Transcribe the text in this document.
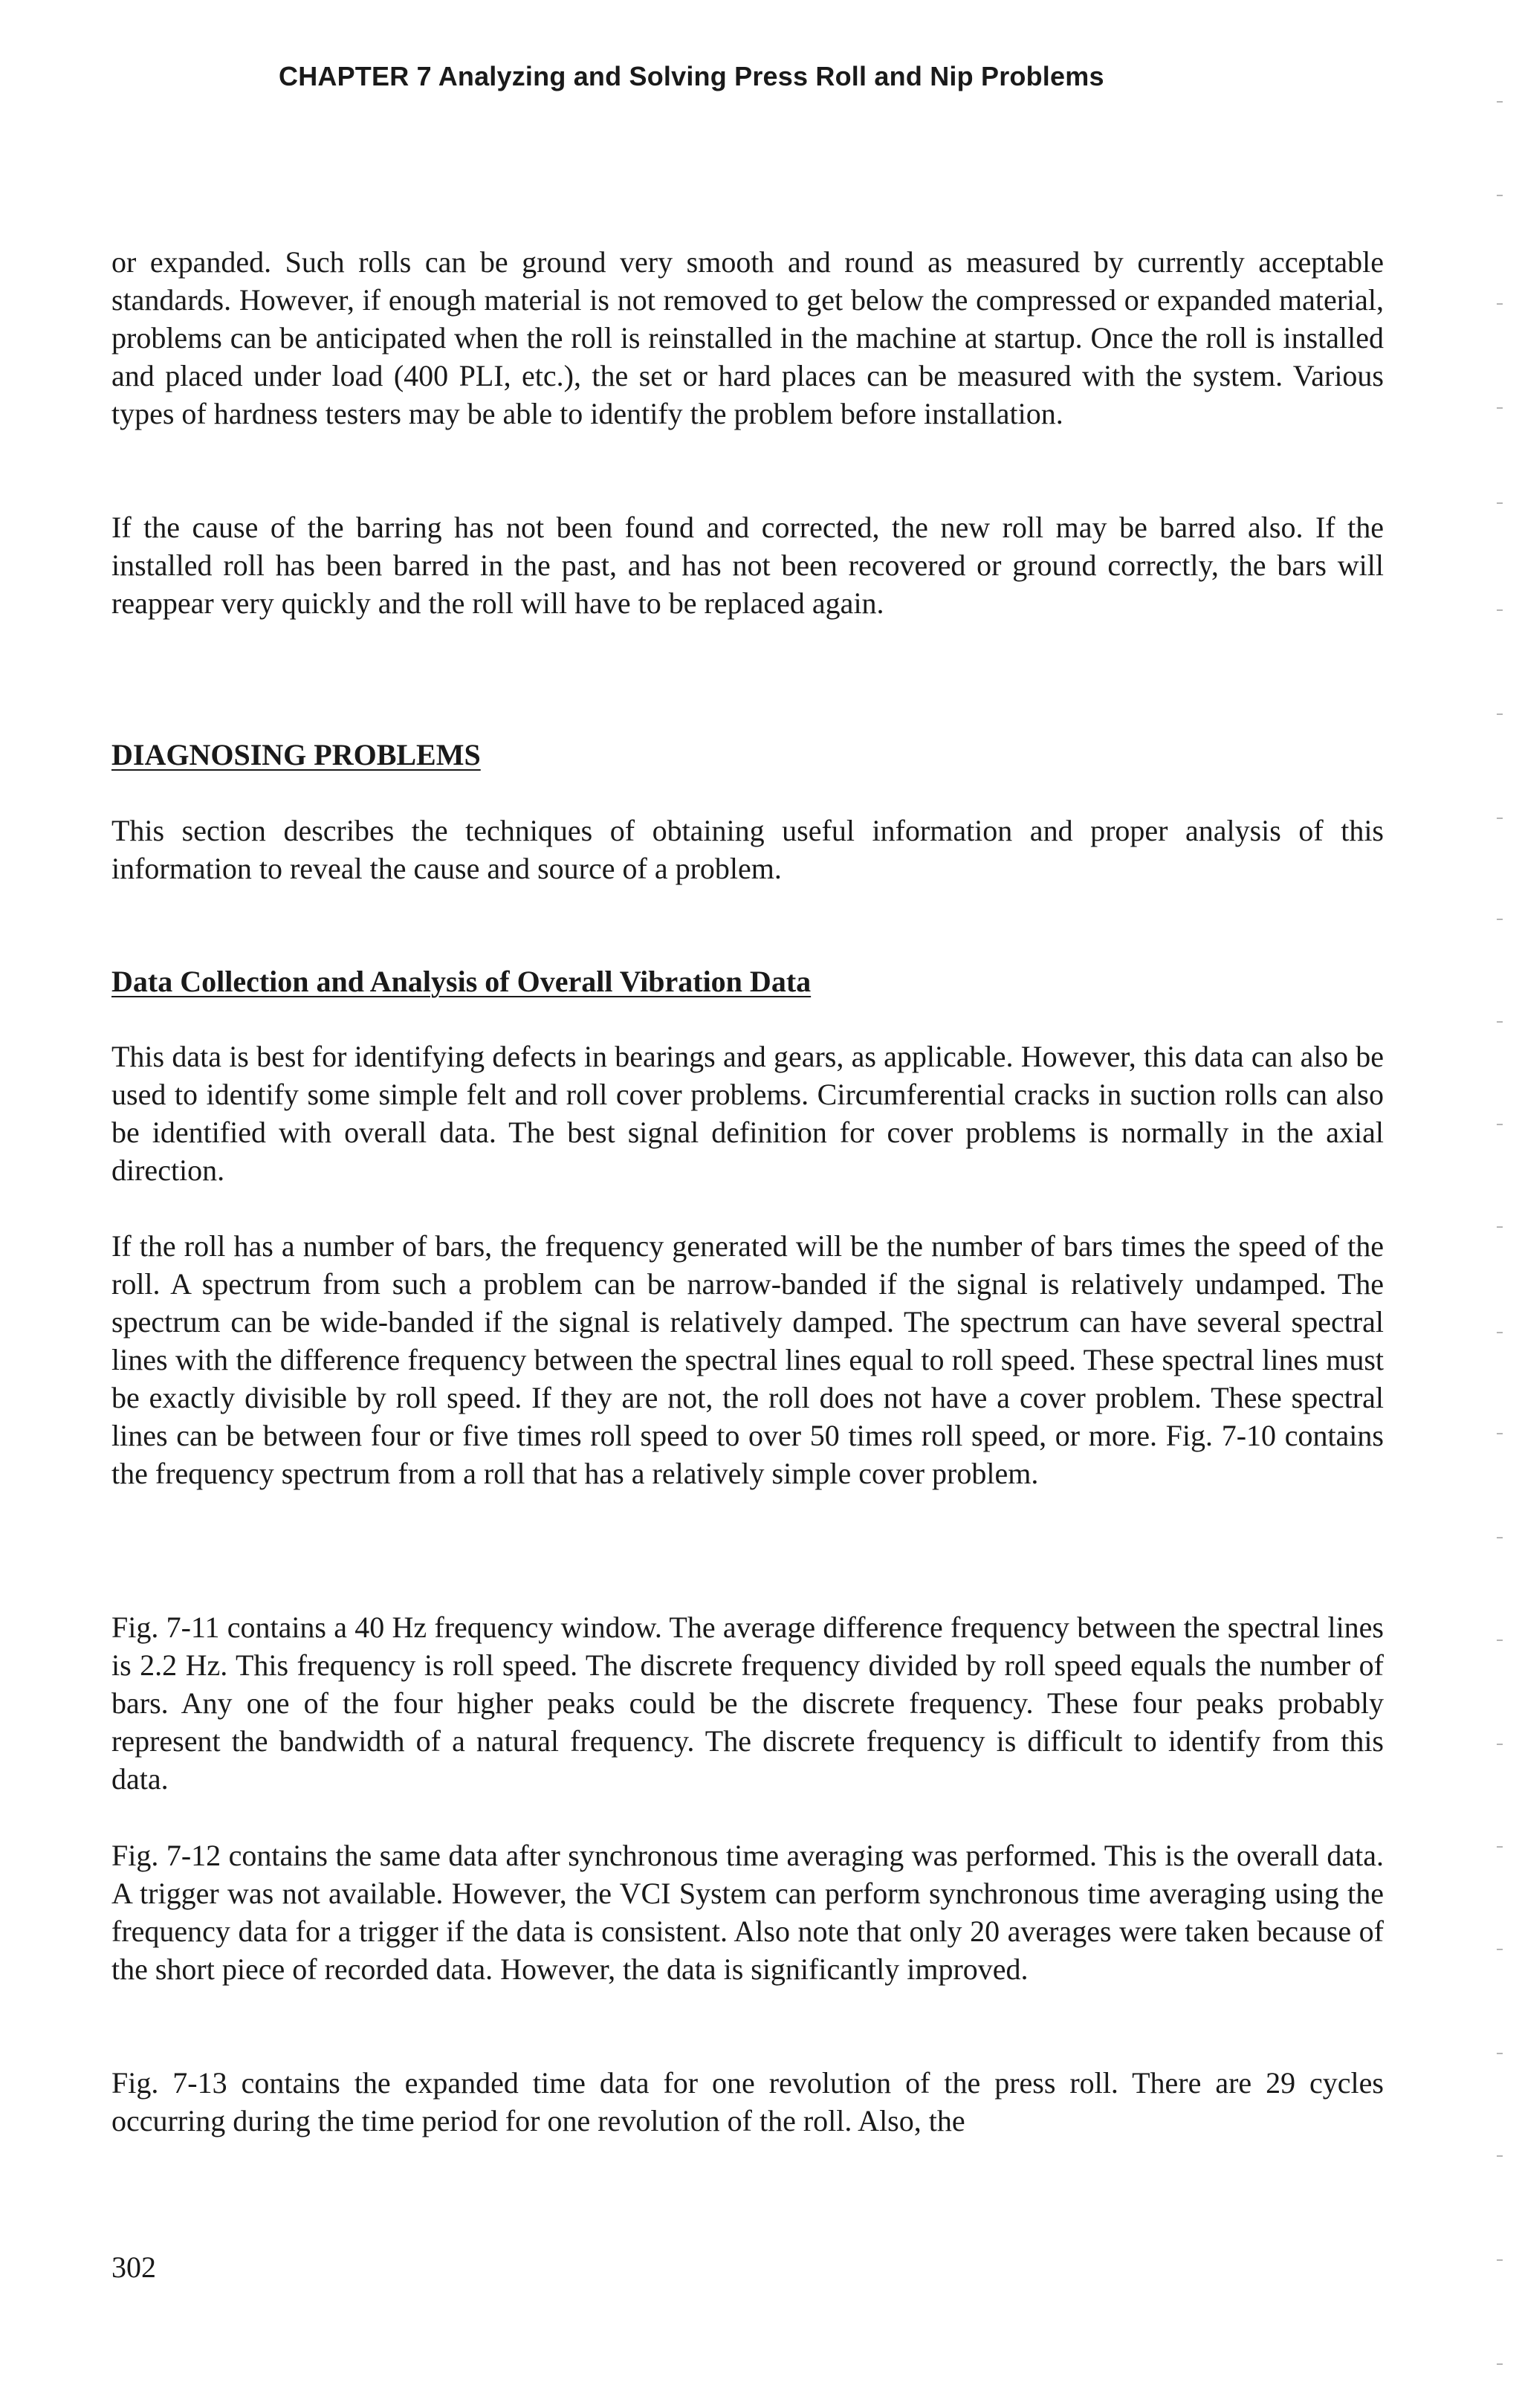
CHAPTER 7 Analyzing and Solving Press Roll and Nip Problems

or expanded. Such rolls can be ground very smooth and round as measured by currently acceptable standards. However, if enough material is not removed to get below the compressed or expanded material, problems can be anticipated when the roll is reinstalled in the machine at startup. Once the roll is installed and placed under load (400 PLI, etc.), the set or hard places can be measured with the system. Various types of hardness testers may be able to identify the problem before installation.

If the cause of the barring has not been found and corrected, the new roll may be barred also. If the installed roll has been barred in the past, and has not been recovered or ground correctly, the bars will reappear very quickly and the roll will have to be replaced again.

DIAGNOSING PROBLEMS

This section describes the techniques of obtaining useful information and proper analysis of this information to reveal the cause and source of a problem.

Data Collection and Analysis of Overall Vibration Data

This data is best for identifying defects in bearings and gears, as applicable. However, this data can also be used to identify some simple felt and roll cover problems. Circumferential cracks in suction rolls can also be identified with overall data. The best signal definition for cover problems is normally in the axial direction.

If the roll has a number of bars, the frequency generated will be the number of bars times the speed of the roll. A spectrum from such a problem can be narrow-banded if the signal is relatively undamped. The spectrum can be wide-banded if the signal is relatively damped. The spectrum can have several spectral lines with the difference frequency between the spectral lines equal to roll speed. These spectral lines must be exactly divisible by roll speed. If they are not, the roll does not have a cover problem. These spectral lines can be between four or five times roll speed to over 50 times roll speed, or more. Fig. 7-10 contains the frequency spectrum from a roll that has a relatively simple cover problem.

Fig. 7-11 contains a 40 Hz frequency window. The average difference frequency between the spectral lines is 2.2 Hz. This frequency is roll speed. The discrete frequency divided by roll speed equals the number of bars. Any one of the four higher peaks could be the discrete frequency. These four peaks probably represent the bandwidth of a natural frequency. The discrete frequency is difficult to identify from this data.

Fig. 7-12 contains the same data after synchronous time averaging was performed. This is the overall data. A trigger was not available. However, the VCI System can perform synchronous time averaging using the frequency data for a trigger if the data is consistent. Also note that only 20 averages were taken because of the short piece of recorded data. However, the data is significantly improved.

Fig. 7-13 contains the expanded time data for one revolution of the press roll. There are 29 cycles occurring during the time period for one revolution of the roll. Also, the

302
